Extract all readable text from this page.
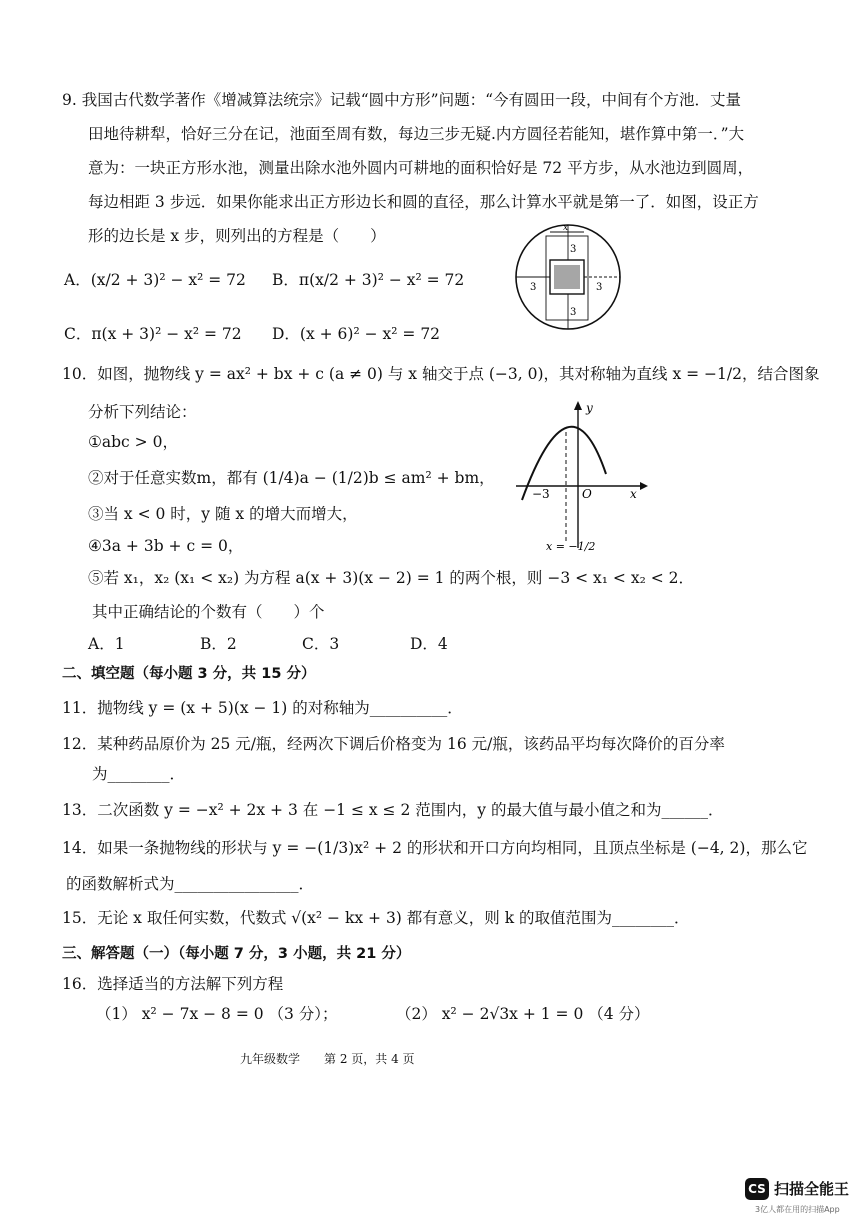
9. 我国古代数学著作《增减算法统宗》记载“圆中方形”问题：“今有圆田一段，中间有个方池．丈量
田地待耕犁，恰好三分在记，池面至周有数，每边三步无疑.内方圆径若能知，堪作算中第一．”大
意为：一块正方形水池，测量出除水池外圆内可耕地的面积恰好是 72 平方步，从水池边到圆周，
每边相距 3 步远．如果你能求出正方形边长和圆的直径，那么计算水平就是第一了．如图，设正方
形的边长是 x 步，则列出的方程是（　　）
A．(x/2 + 3)² − x² = 72 B．π(x/2 + 3)² − x² = 72
C．π(x + 3)² − x² = 72 D．(x + 6)² − x² = 72
x
3
3
3	3
10．如图，抛物线 y = ax² + bx + c (a ≠ 0) 与 x 轴交于点 (−3, 0)，其对称轴为直线 x = −1/2，结合图象
分析下列结论：
①abc > 0，
②对于任意实数m，都有 (1/4)a − (1/2)b ≤ am² + bm，
③当 x < 0 时，y 随 x 的增大而增大，
④3a + 3b + c = 0，
⑤若 x₁，x₂ (x₁ < x₂) 为方程 a(x + 3)(x − 2) = 1 的两个根，则 −3 < x₁ < x₂ < 2．
其中正确结论的个数有（　　）个
A．1	B．2	C．3	D．4
y
x
O
−3
x = −1/2
二、填空题（每小题 3 分，共 15 分）
11．抛物线 y = (x + 5)(x − 1) 的对称轴为__________．
12．某种药品原价为 25 元/瓶，经两次下调后价格变为 16 元/瓶，该药品平均每次降价的百分率
为________．
13．二次函数 y = −x² + 2x + 3 在 −1 ≤ x ≤ 2 范围内，y 的最大值与最小值之和为______．
14．如果一条抛物线的形状与 y = −(1/3)x² + 2 的形状和开口方向均相同，且顶点坐标是 (−4, 2)，那么它
的函数解析式为________________．
15．无论 x 取任何实数，代数式 √(x² − kx + 3) 都有意义，则 k 的取值范围为________．
三、解答题（一）（每小题 7 分，3 小题，共 21 分）
16．选择适当的方法解下列方程
（1） x² − 7x − 8 = 0 （3 分）；	（2） x² − 2√3x + 1 = 0 （4 分）
九年级数学　　第 2 页，共 4 页
CS 扫描全能王
3亿人都在用的扫描App
